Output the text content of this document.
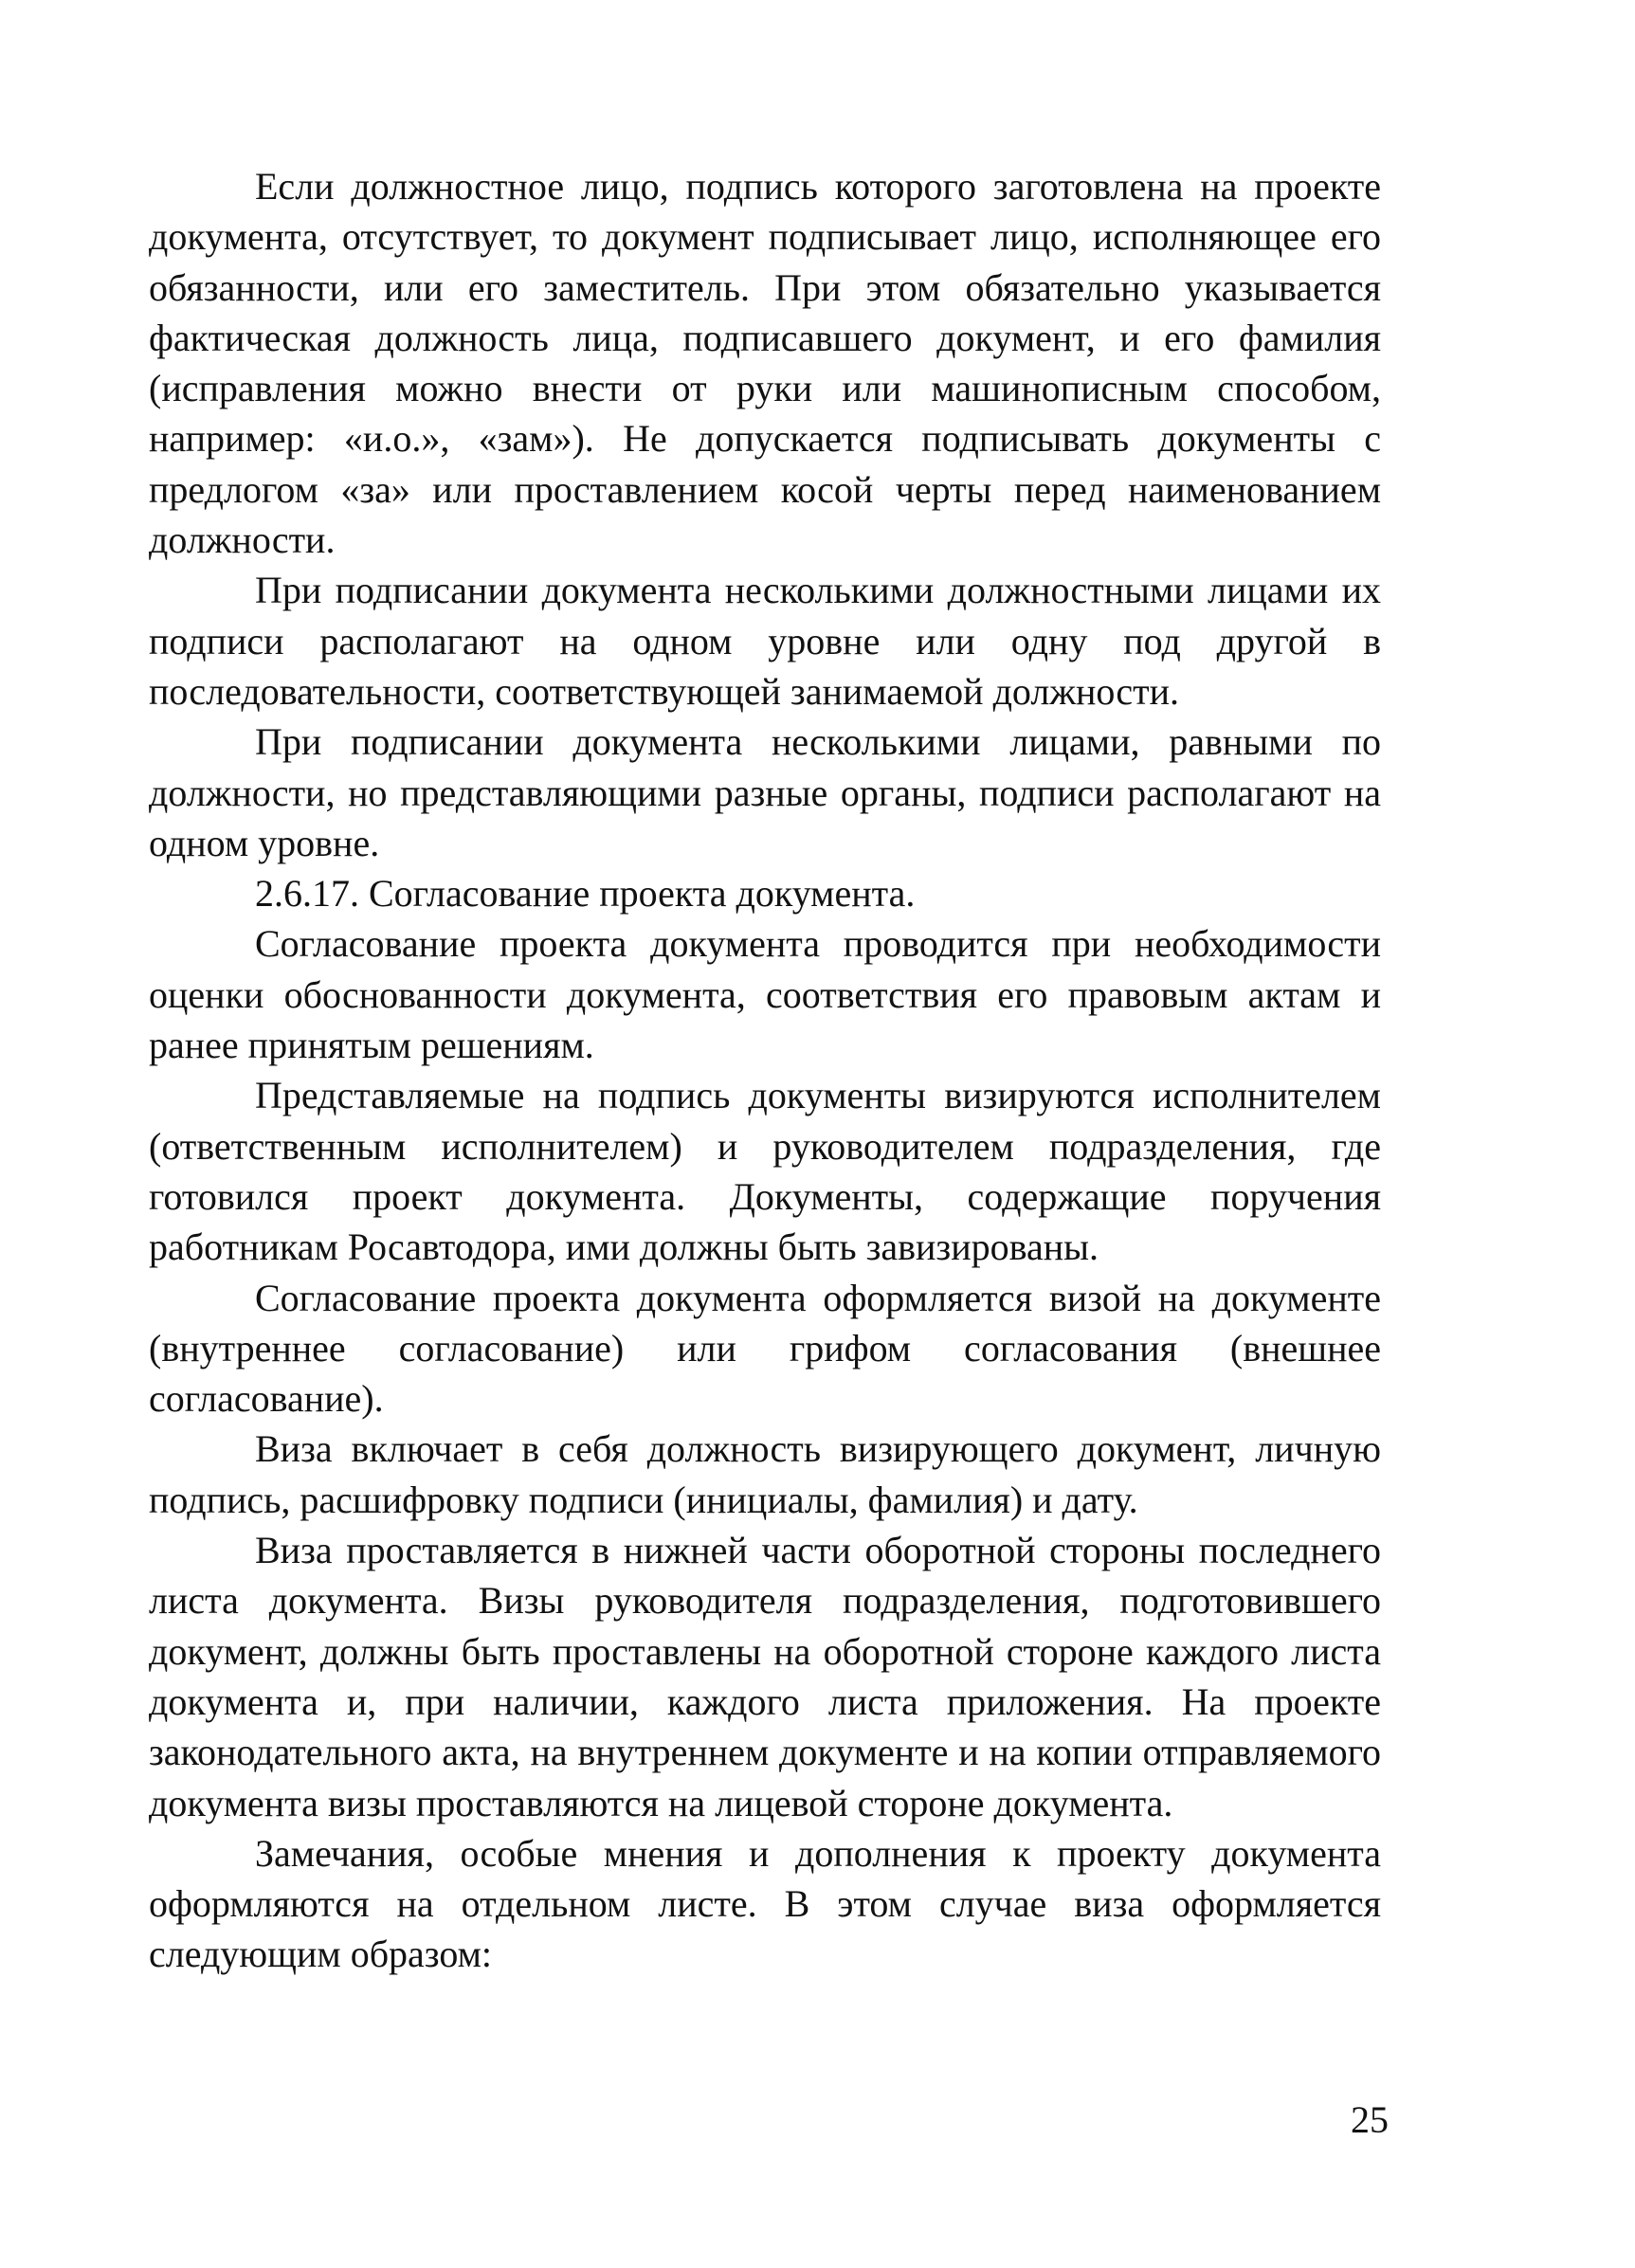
Если должностное лицо, подпись которого заготовлена на проекте документа, отсутствует, то документ подписывает лицо, исполняющее его обязанности, или его заместитель. При этом обязательно указывается фактическая должность лица, подписавшего документ, и его фамилия (исправления можно внести от руки или машинописным способом, например: «и.о.», «зам»). Не допускается подписывать документы с предлогом «за» или проставлением косой черты перед наименованием должности.

При подписании документа несколькими должностными лицами их подписи располагают на одном уровне или одну под другой в последовательности, соответствующей занимаемой должности.

При подписании документа несколькими лицами, равными по должности, но представляющими разные органы, подписи располагают на одном уровне.

2.6.17. Согласование проекта документа.

Согласование проекта документа проводится при необходимости оценки обоснованности документа, соответствия его правовым актам и ранее принятым решениям.

Представляемые на подпись документы визируются исполнителем (ответственным исполнителем) и руководителем подразделения, где готовился проект документа. Документы, содержащие поручения работникам Росавтодора, ими должны быть завизированы.

Согласование проекта документа оформляется визой на документе (внутреннее согласование) или грифом согласования (внешнее согласование).

Виза включает в себя должность визирующего документ, личную подпись, расшифровку подписи (инициалы, фамилия) и дату.

Виза проставляется в нижней части оборотной стороны последнего листа документа. Визы руководителя подразделения, подготовившего документ, должны быть проставлены на оборотной стороне каждого листа документа и, при наличии, каждого листа приложения. На проекте законодательного акта, на внутреннем документе и на копии отправляемого документа визы проставляются на лицевой стороне документа.

Замечания, особые мнения и дополнения к проекту документа оформляются на отдельном листе. В этом случае виза оформляется следующим образом:

25
